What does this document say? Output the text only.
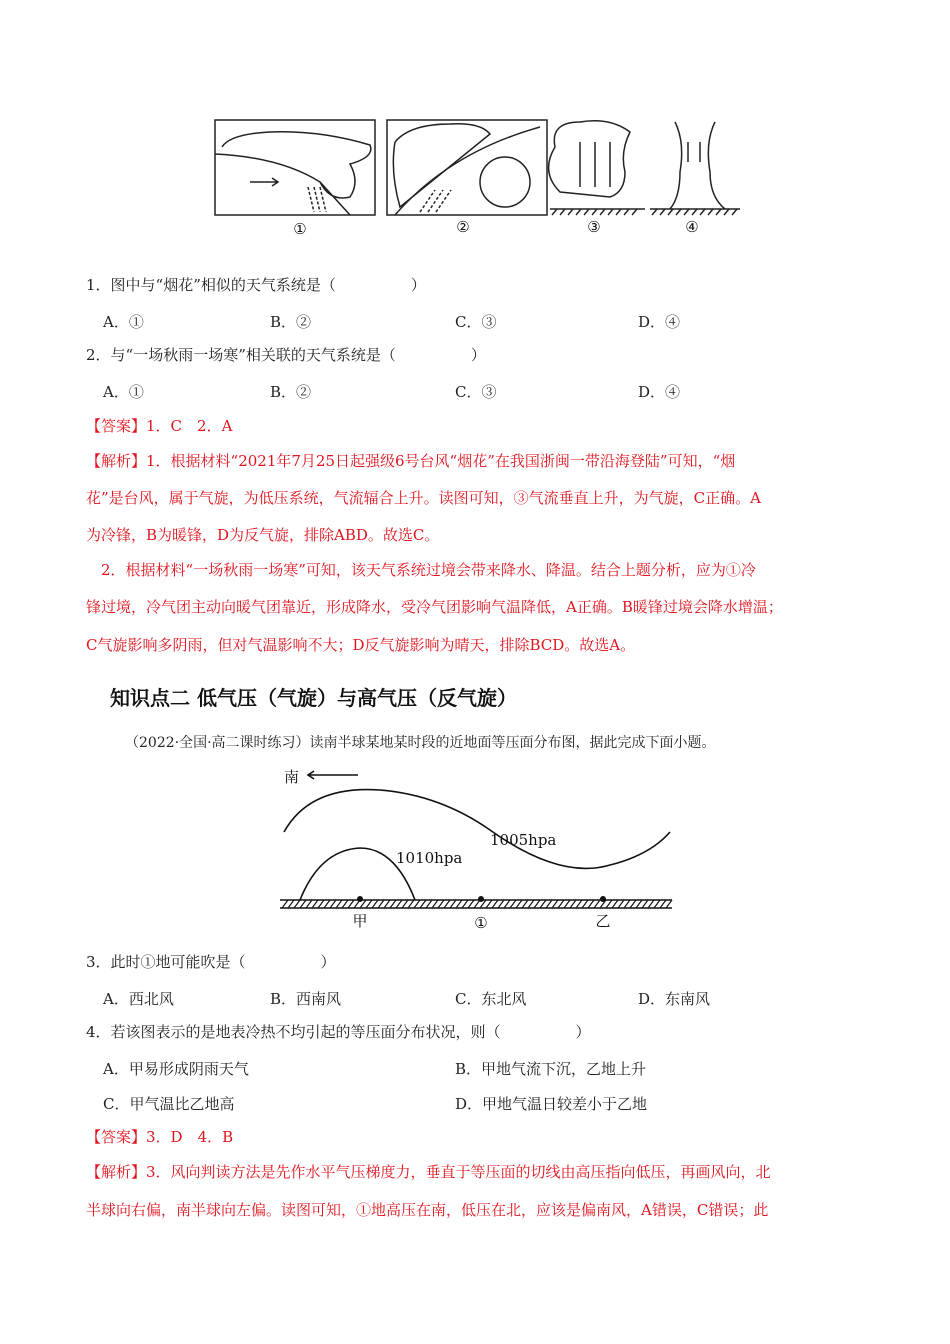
①	②	③	④
1．图中与“烟花”相似的天气系统是（　　　　　）
A．①	B．②	C．③	D．④
2．与“一场秋雨一场寒”相关联的天气系统是（　　　　　）
A．①	B．②	C．③	D．④
【答案】1．C　2．A
【解析】1．根据材料“2021年7月25日起强级6号台风“烟花”在我国浙闽一带沿海登陆”可知，“烟
花”是台风，属于气旋，为低压系统，气流辐合上升。读图可知，③气流垂直上升，为气旋，C正确。A
为冷锋，B为暖锋，D为反气旋，排除ABD。故选C。
　2．根据材料“一场秋雨一场寒”可知，该天气系统过境会带来降水、降温。结合上题分析，应为①冷
锋过境，冷气团主动向暖气团靠近，形成降水，受冷气团影响气温降低，A正确。B暖锋过境会降水增温；
C气旋影响多阴雨，但对气温影响不大；D反气旋影响为晴天，排除BCD。故选A。
知识点二 低气压（气旋）与高气压（反气旋）
（2022·全国·高二课时练习）读南半球某地某时段的近地面等压面分布图，据此完成下面小题。
南
1010hpa
1005hpa
甲	①	乙
3．此时①地可能吹是（　　　　　）
A．西北风	B．西南风	C．东北风	D．东南风
4．若该图表示的是地表冷热不均引起的等压面分布状况，则（　　　　　）
A．甲易形成阴雨天气	B．甲地气流下沉，乙地上升
C．甲气温比乙地高	D．甲地气温日较差小于乙地
【答案】3．D　4．B
【解析】3．风向判读方法是先作水平气压梯度力，垂直于等压面的切线由高压指向低压，再画风向，北
半球向右偏，南半球向左偏。读图可知，①地高压在南，低压在北，应该是偏南风，A错误，C错误；此
